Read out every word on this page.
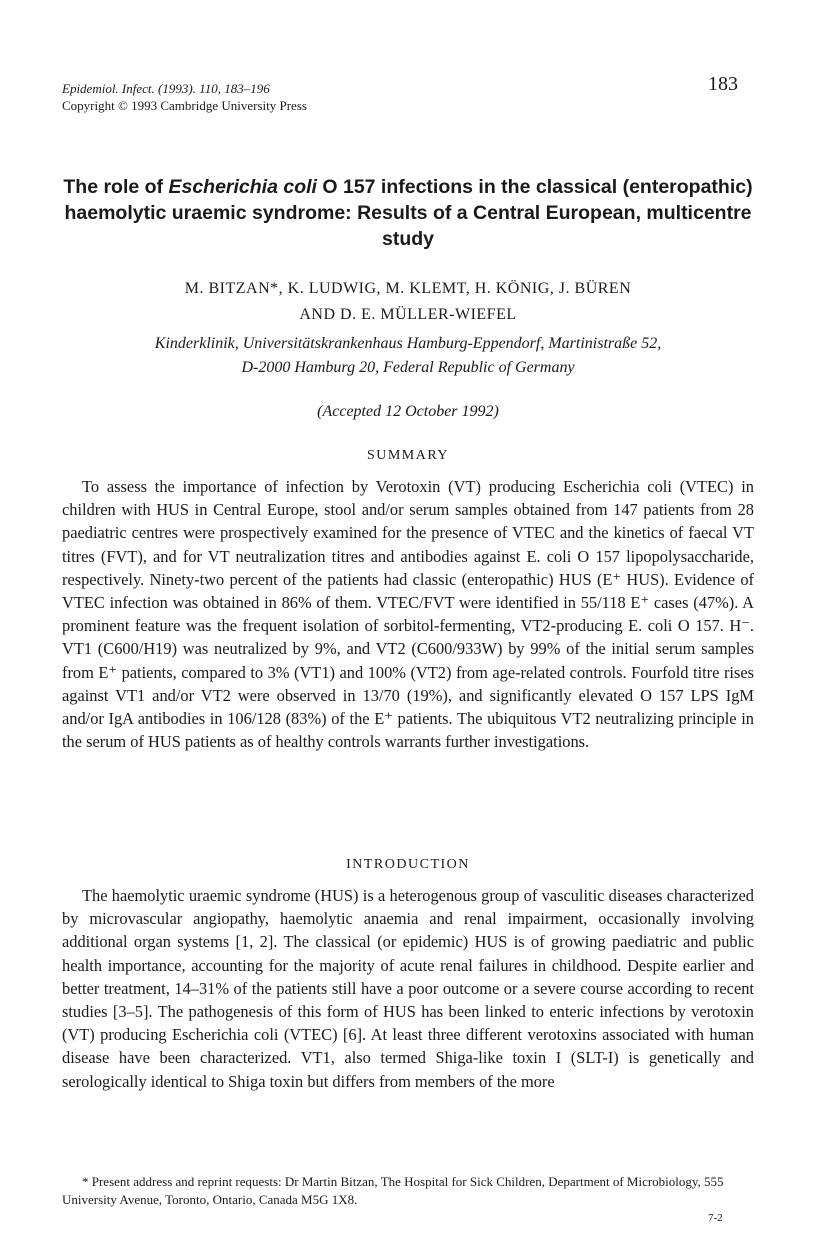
Epidemiol. Infect. (1993). 110, 183–196
Copyright © 1993 Cambridge University Press
183
The role of Escherichia coli O 157 infections in the classical (enteropathic) haemolytic uraemic syndrome: Results of a Central European, multicentre study
M. BITZAN*, K. LUDWIG, M. KLEMT, H. KÖNIG, J. BÜREN
AND D. E. MÜLLER-WIEFEL
Kinderklinik, Universitätskrankenhaus Hamburg-Eppendorf, Martinistraße 52,
D-2000 Hamburg 20, Federal Republic of Germany
(Accepted 12 October 1992)
SUMMARY
To assess the importance of infection by Verotoxin (VT) producing Escherichia coli (VTEC) in children with HUS in Central Europe, stool and/or serum samples obtained from 147 patients from 28 paediatric centres were prospectively examined for the presence of VTEC and the kinetics of faecal VT titres (FVT), and for VT neutralization titres and antibodies against E. coli O 157 lipopolysaccharide, respectively. Ninety-two percent of the patients had classic (enteropathic) HUS (E⁺ HUS). Evidence of VTEC infection was obtained in 86% of them. VTEC/FVT were identified in 55/118 E⁺ cases (47%). A prominent feature was the frequent isolation of sorbitol-fermenting, VT2-producing E. coli O 157. H⁻. VT1 (C600/H19) was neutralized by 9%, and VT2 (C600/933W) by 99% of the initial serum samples from E⁺ patients, compared to 3% (VT1) and 100% (VT2) from age-related controls. Fourfold titre rises against VT1 and/or VT2 were observed in 13/70 (19%), and significantly elevated O 157 LPS IgM and/or IgA antibodies in 106/128 (83%) of the E⁺ patients. The ubiquitous VT2 neutralizing principle in the serum of HUS patients as of healthy controls warrants further investigations.
INTRODUCTION
The haemolytic uraemic syndrome (HUS) is a heterogenous group of vasculitic diseases characterized by microvascular angiopathy, haemolytic anaemia and renal impairment, occasionally involving additional organ systems [1, 2]. The classical (or epidemic) HUS is of growing paediatric and public health importance, accounting for the majority of acute renal failures in childhood. Despite earlier and better treatment, 14–31% of the patients still have a poor outcome or a severe course according to recent studies [3–5]. The pathogenesis of this form of HUS has been linked to enteric infections by verotoxin (VT) producing Escherichia coli (VTEC) [6]. At least three different verotoxins associated with human disease have been characterized. VT1, also termed Shiga-like toxin I (SLT-I) is genetically and serologically identical to Shiga toxin but differs from members of the more
* Present address and reprint requests: Dr Martin Bitzan, The Hospital for Sick Children, Department of Microbiology, 555 University Avenue, Toronto, Ontario, Canada M5G 1X8.
7-2
